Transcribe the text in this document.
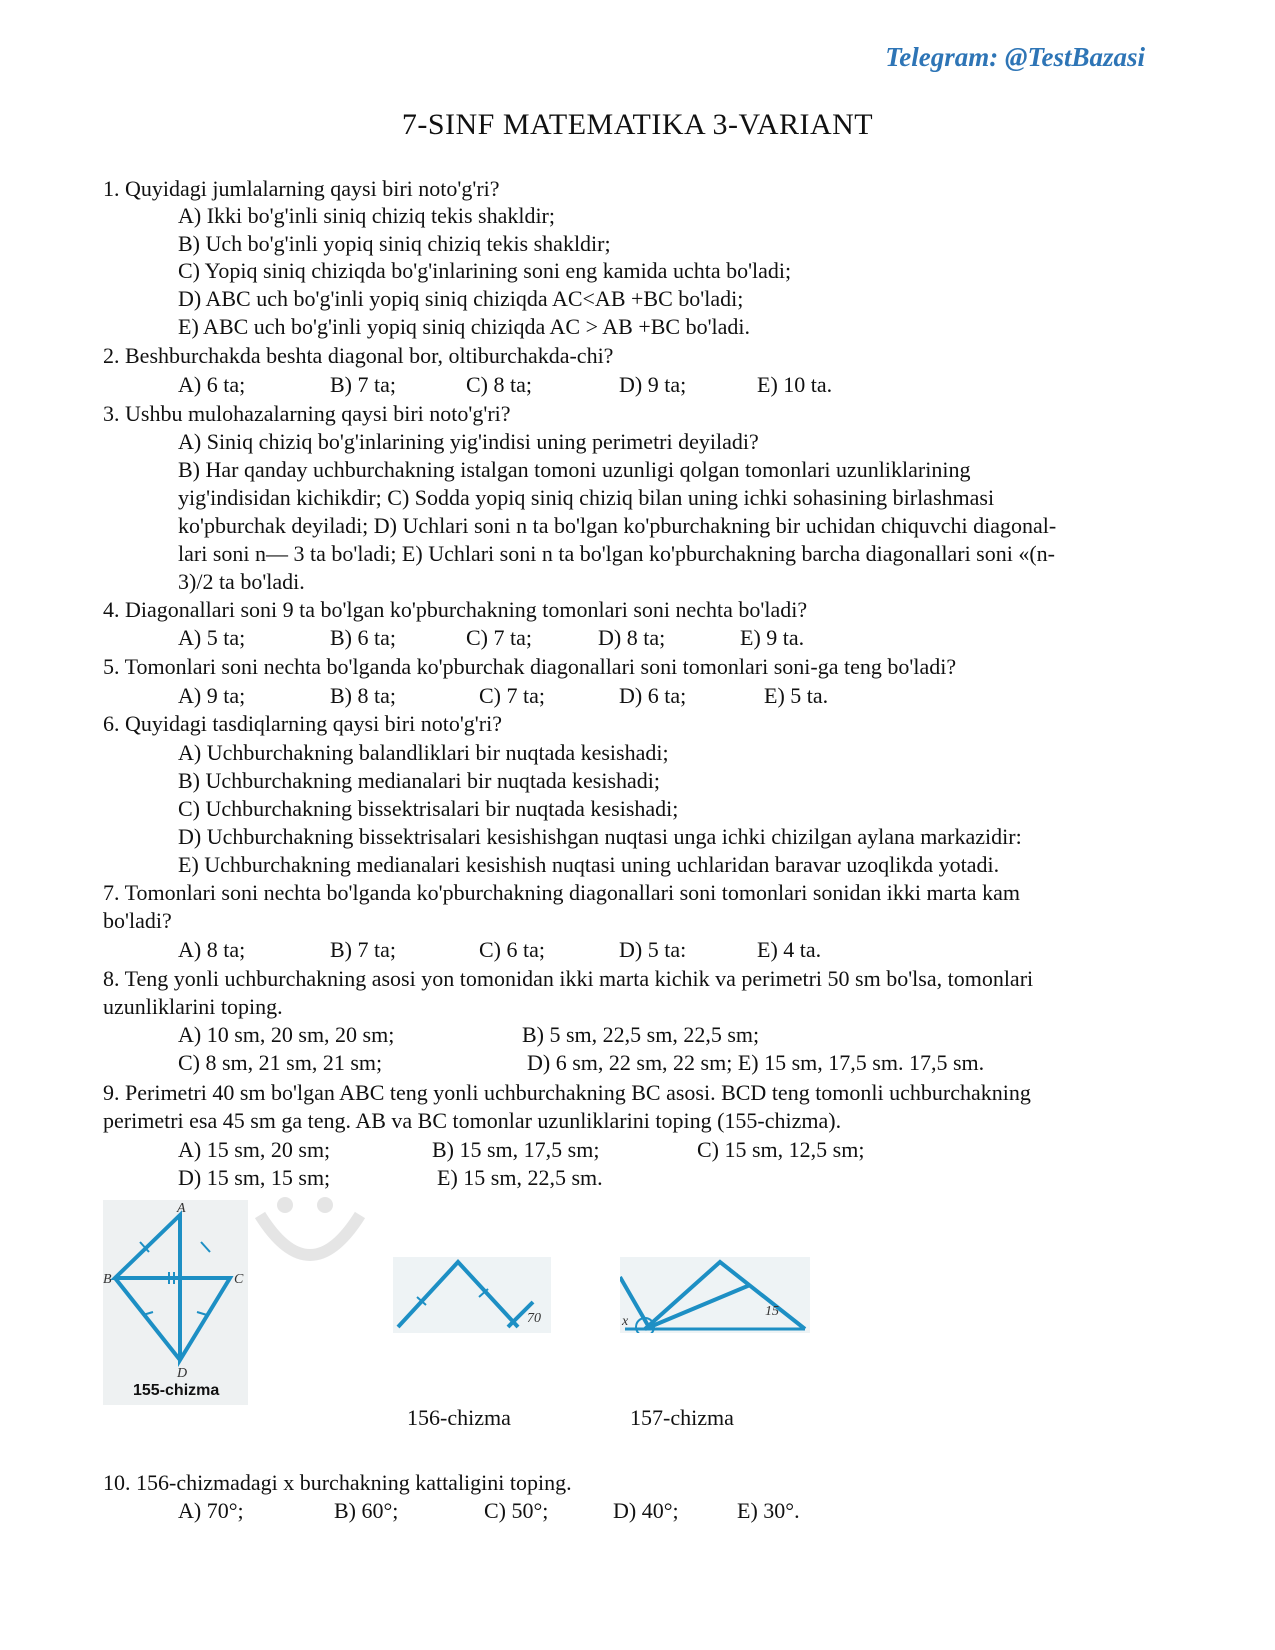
Telegram: @TestBazasi
7-SINF MATEMATIKA 3-VARIANT
1. Quyidagi jumlalarning qaysi biri noto'g'ri?
A) Ikki bo'g'inli siniq chiziq tekis shakldir;
B) Uch bo'g'inli yopiq siniq chiziq tekis shakldir;
C) Yopiq siniq chiziqda bo'g'inlarining soni eng kamida uchta bo'ladi;
D) ABC uch bo'g'inli yopiq siniq chiziqda AC<AB +BC bo'ladi;
E) ABC uch bo'g'inli yopiq siniq chiziqda AC > AB +BC bo'ladi.
2. Beshburchakda beshta diagonal bor, oltiburchakda-chi?
A) 6 ta;	B) 7 ta;	C) 8 ta;	D) 9 ta;	E) 10 ta.
3. Ushbu mulohazalarning qaysi biri noto'g'ri?
A) Siniq chiziq bo'g'inlarining yig'indisi uning perimetri deyiladi?
B) Har qanday uchburchakning istalgan tomoni uzunligi qolgan tomonlari uzunliklarining
yig'indisidan kichikdir; C) Sodda yopiq siniq chiziq bilan uning ichki sohasining birlashmasi
ko'pburchak deyiladi; D) Uchlari soni n ta bo'lgan ko'pburchakning bir uchidan chiquvchi diagonal-
lari soni n— 3 ta bo'ladi; E) Uchlari soni n ta bo'lgan ko'pburchakning barcha diagonallari soni «(n-
3)/2 ta bo'ladi.
4. Diagonallari soni 9 ta bo'lgan ko'pburchakning tomonlari soni nechta bo'ladi?
A) 5 ta;	B) 6 ta;	C) 7 ta;	D) 8 ta;	E) 9 ta.
5. Tomonlari soni nechta bo'lganda ko'pburchak diagonallari soni tomonlari soni-ga teng bo'ladi?
A) 9 ta;	B) 8 ta;	C) 7 ta;	D) 6 ta;	E) 5 ta.
6. Quyidagi tasdiqlarning qaysi biri noto'g'ri?
A) Uchburchakning balandliklari bir nuqtada kesishadi;
B) Uchburchakning medianalari bir nuqtada kesishadi;
C) Uchburchakning bissektrisalari bir nuqtada kesishadi;
D) Uchburchakning bissektrisalari kesishishgan nuqtasi unga ichki chizilgan aylana markazidir:
E) Uchburchakning medianalari kesishish nuqtasi uning uchlaridan baravar uzoqlikda yotadi.
7. Tomonlari soni nechta bo'lganda ko'pburchakning diagonallari soni tomonlari sonidan ikki marta kam
bo'ladi?
A) 8 ta;	B) 7 ta;	C) 6 ta;	D) 5 ta:	E) 4 ta.
8. Teng yonli uchburchakning asosi yon tomonidan ikki marta kichik va perimetri 50 sm bo'lsa, tomonlari
uzunliklarini toping.
A) 10 sm, 20 sm, 20 sm;	B) 5 sm, 22,5 sm, 22,5 sm;
C) 8 sm, 21 sm, 21 sm;	D) 6 sm, 22 sm, 22 sm; E) 15 sm, 17,5 sm. 17,5 sm.
9. Perimetri 40 sm bo'lgan ABC teng yonli uchburchakning BC asosi. BCD teng tomonli uchburchakning
perimetri esa 45 sm ga teng. AB va BC tomonlar uzunliklarini toping (155-chizma).
A) 15 sm, 20 sm;	B) 15 sm, 17,5 sm;	C) 15 sm, 12,5 sm;
D) 15 sm, 15 sm;	E) 15 sm, 22,5 sm.
A
B	C
D
155-chizma
70
156-chizma
x
15
157-chizma
10. 156-chizmadagi x burchakning kattaligini toping.
A) 70°;	B) 60°;	C) 50°;	D) 40°;	E) 30°.
